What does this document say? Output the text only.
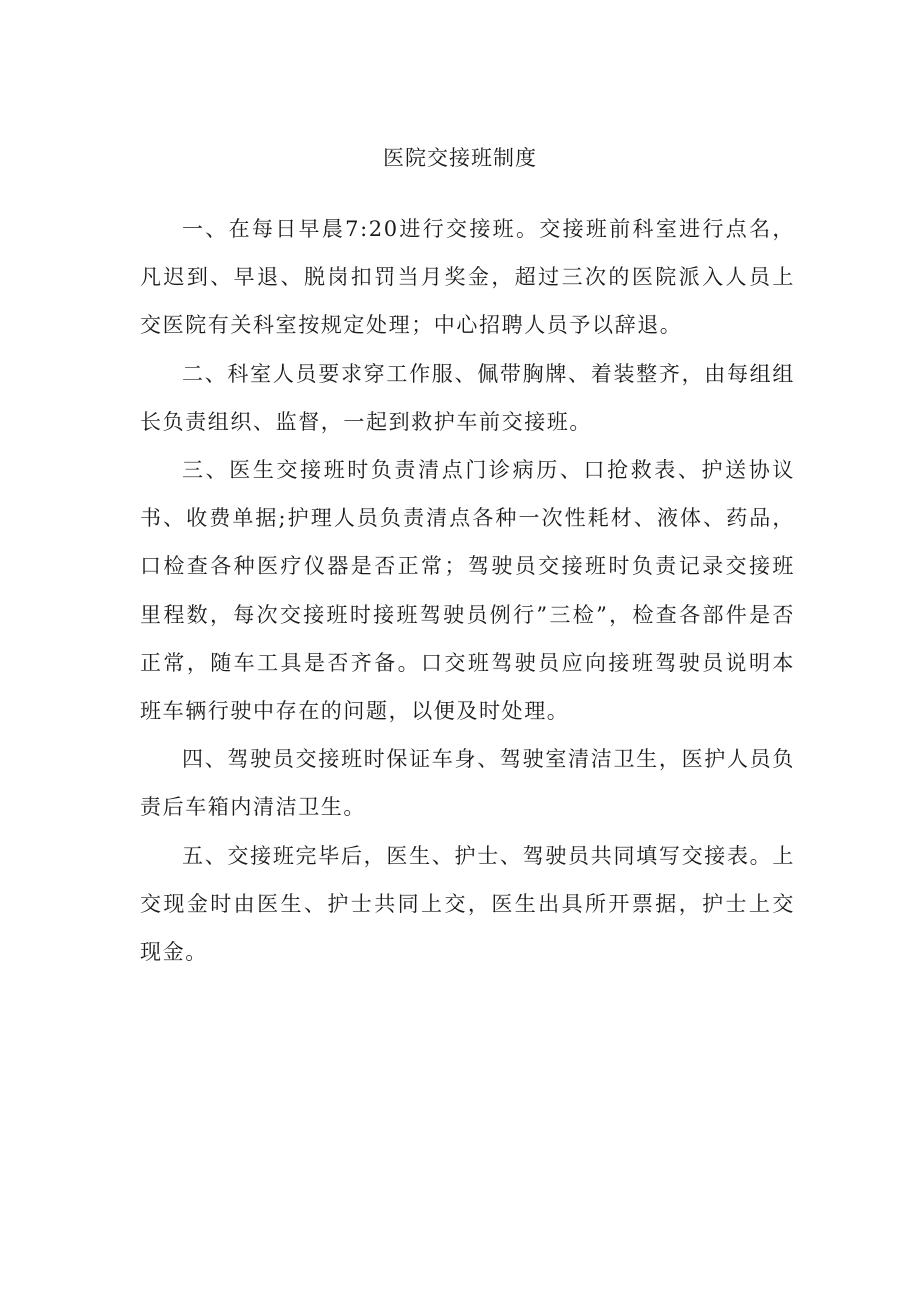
医院交接班制度

一、在每日早晨7:20进行交接班。交接班前科室进行点名，凡迟到、早退、脱岗扣罚当月奖金，超过三次的医院派入人员上交医院有关科室按规定处理；中心招聘人员予以辞退。

二、科室人员要求穿工作服、佩带胸牌、着装整齐，由每组组长负责组织、监督，一起到救护车前交接班。

三、医生交接班时负责清点门诊病历、口抢救表、护送协议书、收费单据;护理人员负责清点各种一次性耗材、液体、药品，口检查各种医疗仪器是否正常；驾驶员交接班时负责记录交接班里程数，每次交接班时接班驾驶员例行”三检”，检查各部件是否正常，随车工具是否齐备。口交班驾驶员应向接班驾驶员说明本班车辆行驶中存在的问题，以便及时处理。

四、驾驶员交接班时保证车身、驾驶室清洁卫生，医护人员负责后车箱内清洁卫生。

五、交接班完毕后，医生、护士、驾驶员共同填写交接表。上交现金时由医生、护士共同上交，医生出具所开票据，护士上交现金。
